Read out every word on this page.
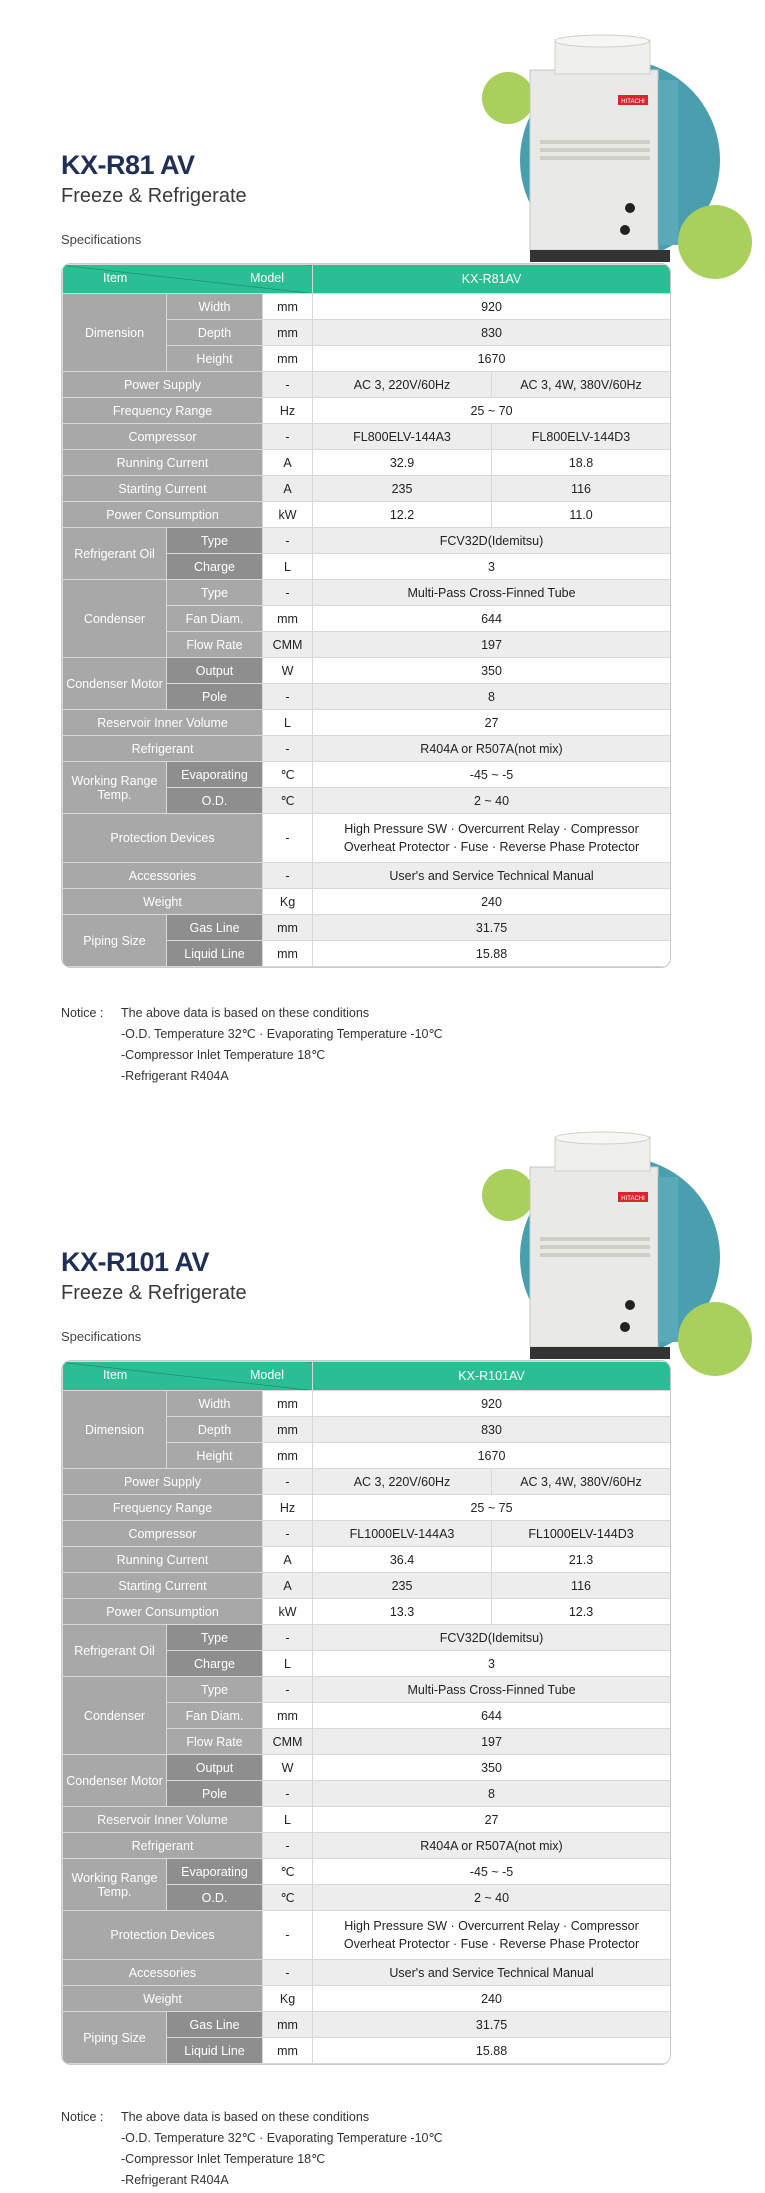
HITACHI
KX-R81 AV
Freeze & Refrigerate
Specifications
Item Model			KX-R81AV	
Dimension	Width	mm	920	
	Depth	mm	830	
	Height	mm	1670	
Power Supply		-	AC 3, 220V/60Hz	AC 3, 4W, 380V/60Hz
Frequency Range		Hz	25 ~ 70	
Compressor		-	FL800ELV-144A3	FL800ELV-144D3
Running Current		A	32.9	18.8
Starting Current		A	235	116
Power Consumption		kW	12.2	11.0
Refrigerant Oil	Type	-	FCV32D(Idemitsu)	
	Charge	L	3	
Condenser	Type	-	Multi-Pass Cross-Finned Tube	
	Fan Diam.	mm	644	
	Flow Rate	CMM	197	
Condenser Motor	Output	W	350	
	Pole	-	8	
Reservoir Inner Volume		L	27	
Refrigerant		-	R404A or R507A(not mix)	
Working Range Temp.	Evaporating	℃	-45 ~ -5	
	O.D.	℃	2 ~ 40	
Protection Devices		-	High Pressure SW · Overcurrent Relay · Compressor
Overheat Protector · Fuse · Reverse Phase Protector	

Accessories		-	User's and Service Technical Manual	
Weight		Kg	240	
Piping Size	Gas Line	mm	31.75	
	Liquid Line	mm	15.88	
Notice : The above data is based on these conditions
-O.D. Temperature 32℃ · Evaporating Temperature -10℃
-Compressor Inlet Temperature 18℃
-Refrigerant R404A
HITACHI
KX-R101 AV
Freeze & Refrigerate
Specifications
Item Model			KX-R101AV	
Dimension	Width	mm	920	
	Depth	mm	830	
	Height	mm	1670	
Power Supply		-	AC 3, 220V/60Hz	AC 3, 4W, 380V/60Hz
Frequency Range		Hz	25 ~ 75	
Compressor		-	FL1000ELV-144A3	FL1000ELV-144D3
Running Current		A	36.4	21.3
Starting Current		A	235	116
Power Consumption		kW	13.3	12.3
Refrigerant Oil	Type	-	FCV32D(Idemitsu)	
	Charge	L	3	
Condenser	Type	-	Multi-Pass Cross-Finned Tube	
	Fan Diam.	mm	644	
	Flow Rate	CMM	197	
Condenser Motor	Output	W	350	
	Pole	-	8	
Reservoir Inner Volume		L	27	
Refrigerant		-	R404A or R507A(not mix)	
Working Range Temp.	Evaporating	℃	-45 ~ -5	
	O.D.	℃	2 ~ 40	
Protection Devices		-	High Pressure SW · Overcurrent Relay · Compressor
Overheat Protector · Fuse · Reverse Phase Protector	

Accessories		-	User's and Service Technical Manual	
Weight		Kg	240	
Piping Size	Gas Line	mm	31.75	
	Liquid Line	mm	15.88	
Notice : The above data is based on these conditions
-O.D. Temperature 32℃ · Evaporating Temperature -10℃
-Compressor Inlet Temperature 18℃
-Refrigerant R404A
